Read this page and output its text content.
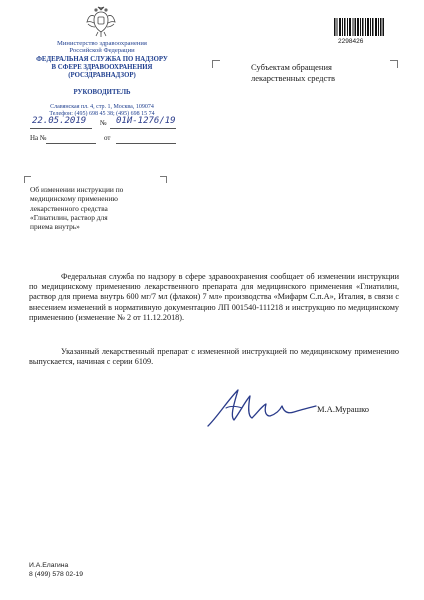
Министерство здравоохранения
Российской Федерации
ФЕДЕРАЛЬНАЯ СЛУЖБА ПО НАДЗОРУ
В СФЕРЕ ЗДРАВООХРАНЕНИЯ
(РОСЗДРАВНАДЗОР)
РУКОВОДИТЕЛЬ
Славянская пл. 4, стр. 1, Москва, 109074
Телефон: (495) 698 45 38; (495) 698 15 74
22.05.2019 № 01И-1276/19
На №	от
2298426
Субъектам обращения
лекарственных средств
Об изменении инструкции по
медицинскому применению
лекарственного средства
«Глиатилин, раствор для
приема внутрь»
Федеральная служба по надзору в сфере здравоохранения сообщает об изменении инструкции по медицинскому применению лекарственного препарата для медицинского применения «Глиатилин, раствор для приема внутрь 600 мг/7 мл (флакон) 7 мл» производства «Мифарм С.п.А», Италия, в связи с внесением изменений в нормативную документацию ЛП 001540-111218 и инструкцию по медицинскому применению (изменение № 2 от 11.12.2018).
Указанный лекарственный препарат с измененной инструкцией по медицинскому применению выпускается, начиная с серии 6109.
М.А.Мурашко
И.А.Елагина
8 (499) 578 02-19
